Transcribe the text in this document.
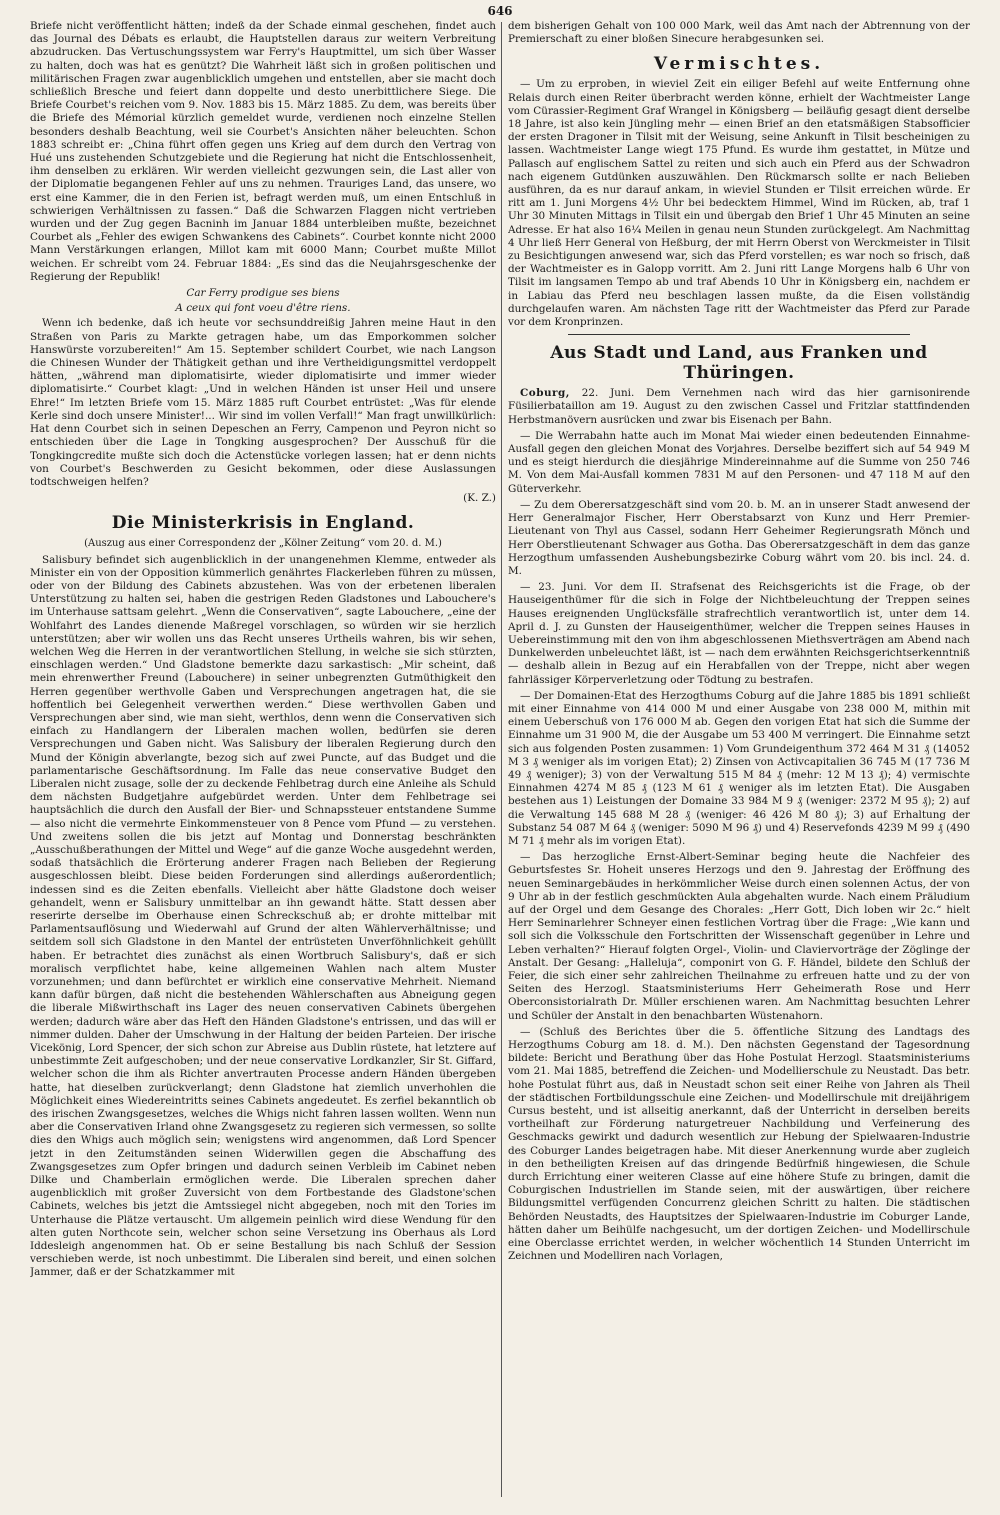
646

Briefe nicht veröffentlicht hätten; indeß da der Schade einmal geschehen, findet auch das Journal des Débats es erlaubt, die Hauptstellen daraus zur weitern Verbreitung abzudrucken. Das Vertuschungssystem war Ferry's Hauptmittel, um sich über Wasser zu halten, doch was hat es genützt? Die Wahrheit läßt sich in großen politischen und militärischen Fragen zwar augenblicklich umgehen und entstellen, aber sie macht doch schließlich Bresche und feiert dann doppelte und desto unerbittlichere Siege. Die Briefe Courbet's reichen vom 9. Nov. 1883 bis 15. März 1885. Zu dem, was bereits über die Briefe des Mémorial kürzlich gemeldet wurde, verdienen noch einzelne Stellen besonders deshalb Beachtung, weil sie Courbet's Ansichten näher beleuchten. Schon 1883 schreibt er: „China führt offen gegen uns Krieg auf dem durch den Vertrag von Hué uns zustehenden Schutzgebiete und die Regierung hat nicht die Entschlossenheit, ihm denselben zu erklären. Wir werden vielleicht gezwungen sein, die Last aller von der Diplomatie begangenen Fehler auf uns zu nehmen. Trauriges Land, das unsere, wo erst eine Kammer, die in den Ferien ist, befragt werden muß, um einen Entschluß in schwierigen Verhältnissen zu fassen.“ Daß die Schwarzen Flaggen nicht vertrieben wurden und der Zug gegen Bacninh im Januar 1884 unterbleiben mußte, bezeichnet Courbet als „Fehler des ewigen Schwankens des Cabinets“. Courbet konnte nicht 2000 Mann Verstärkungen erlangen, Millot kam mit 6000 Mann; Courbet mußte Millot weichen. Er schreibt vom 24. Februar 1884: „Es sind das die Neujahrsgeschenke der Regierung der Republik!

Car Ferry prodigue ses biens

A ceux qui font voeu d'être riens.

Wenn ich bedenke, daß ich heute vor sechsunddreißig Jahren meine Haut in den Straßen von Paris zu Markte getragen habe, um das Emporkommen solcher Hanswürste vorzubereiten!“ Am 15. September schildert Courbet, wie nach Langson die Chinesen Wunder der Thätigkeit gethan und ihre Vertheidigungsmittel verdoppelt hätten, „während man diplomatisirte, wieder diplomatisirte und immer wieder diplomatisirte.“ Courbet klagt: „Und in welchen Händen ist unser Heil und unsere Ehre!“ Im letzten Briefe vom 15. März 1885 ruft Courbet entrüstet: „Was für elende Kerle sind doch unsere Minister!... Wir sind im vollen Verfall!“ Man fragt unwillkürlich: Hat denn Courbet sich in seinen Depeschen an Ferry, Campenon und Peyron nicht so entschieden über die Lage in Tongking ausgesprochen? Der Ausschuß für die Tongkingcredite mußte sich doch die Actenstücke vorlegen lassen; hat er denn nichts von Courbet's Beschwerden zu Gesicht bekommen, oder diese Auslassungen todtschweigen helfen?

(K. Z.)

Die Ministerkrisis in England.

(Auszug aus einer Correspondenz der „Kölner Zeitung“ vom 20. d. M.)

Salisbury befindet sich augenblicklich in der unangenehmen Klemme, entweder als Minister ein von der Opposition kümmerlich genährtes Flackerleben führen zu müssen, oder von der Bildung des Cabinets abzustehen. Was von der erbetenen liberalen Unterstützung zu halten sei, haben die gestrigen Reden Gladstones und Labouchere's im Unterhause sattsam gelehrt. „Wenn die Conservativen“, sagte Labouchere, „eine der Wohlfahrt des Landes dienende Maßregel vorschlagen, so würden wir sie herzlich unterstützen; aber wir wollen uns das Recht unseres Urtheils wahren, bis wir sehen, welchen Weg die Herren in der verantwortlichen Stellung, in welche sie sich stürzten, einschlagen werden.“ Und Gladstone bemerkte dazu sarkastisch: „Mir scheint, daß mein ehrenwerther Freund (Labouchere) in seiner unbegrenzten Gutmüthigkeit den Herren gegenüber werthvolle Gaben und Versprechungen angetragen hat, die sie hoffentlich bei Gelegenheit verwerthen werden.“ Diese werthvollen Gaben und Versprechungen aber sind, wie man sieht, werthlos, denn wenn die Conservativen sich einfach zu Handlangern der Liberalen machen wollen, bedürfen sie deren Versprechungen und Gaben nicht. Was Salisbury der liberalen Regierung durch den Mund der Königin abverlangte, bezog sich auf zwei Puncte, auf das Budget und die parlamentarische Geschäftsordnung. Im Falle das neue conservative Budget den Liberalen nicht zusage, solle der zu deckende Fehlbetrag durch eine Anleihe als Schuld dem nächsten Budgetjahre aufgebürdet werden. Unter dem Fehlbetrage sei hauptsächlich die durch den Ausfall der Bier- und Schnapssteuer entstandene Summe — also nicht die vermehrte Einkommensteuer von 8 Pence vom Pfund — zu verstehen. Und zweitens sollen die bis jetzt auf Montag und Donnerstag beschränkten „Ausschußberathungen der Mittel und Wege“ auf die ganze Woche ausgedehnt werden, sodaß thatsächlich die Erörterung anderer Fragen nach Belieben der Regierung ausgeschlossen bleibt. Diese beiden Forderungen sind allerdings außerordentlich; indessen sind es die Zeiten ebenfalls. Vielleicht aber hätte Gladstone doch weiser gehandelt, wenn er Salisbury unmittelbar an ihn gewandt hätte. Statt dessen aber reserirte derselbe im Oberhause einen Schreckschuß ab; er drohte mittelbar mit Parlamentsauflösung und Wiederwahl auf Grund der alten Wählerverhältnisse; und seitdem soll sich Gladstone in den Mantel der entrüsteten Unverföhnlichkeit gehüllt haben. Er betrachtet dies zunächst als einen Wortbruch Salisbury's, daß er sich moralisch verpflichtet habe, keine allgemeinen Wahlen nach altem Muster vorzunehmen; und dann befürchtet er wirklich eine conservative Mehrheit. Niemand kann dafür bürgen, daß nicht die bestehenden Wählerschaften aus Abneigung gegen die liberale Mißwirthschaft ins Lager des neuen conservativen Cabinets übergehen werden; dadurch wäre aber das Heft den Händen Gladstone's entrissen, und das will er nimmer dulden. Daher der Umschwung in der Haltung der beiden Parteien. Der irische Vicekönig, Lord Spencer, der sich schon zur Abreise aus Dublin rüstete, hat letztere auf unbestimmte Zeit aufgeschoben; und der neue conservative Lordkanzler, Sir St. Giffard, welcher schon die ihm als Richter anvertrauten Processe andern Händen übergeben hatte, hat dieselben zurückverlangt; denn Gladstone hat ziemlich unverhohlen die Möglichkeit eines Wiedereintritts seines Cabinets angedeutet. Es zerfiel bekanntlich ob des irischen Zwangsgesetzes, welches die Whigs nicht fahren lassen wollten. Wenn nun aber die Conservativen Irland ohne Zwangsgesetz zu regieren sich vermessen, so sollte dies den Whigs auch möglich sein; wenigstens wird angenommen, daß Lord Spencer jetzt in den Zeitumständen seinen Widerwillen gegen die Abschaffung des Zwangsgesetzes zum Opfer bringen und dadurch seinen Verbleib im Cabinet neben Dilke und Chamberlain ermöglichen werde. Die Liberalen sprechen daher augenblicklich mit großer Zuversicht von dem Fortbestande des Gladstone'schen Cabinets, welches bis jetzt die Amtssiegel nicht abgegeben, noch mit den Tories im Unterhause die Plätze vertauscht. Um allgemein peinlich wird diese Wendung für den alten guten Northcote sein, welcher schon seine Versetzung ins Oberhaus als Lord Iddesleigh angenommen hat. Ob er seine Bestallung bis nach Schluß der Session verschieben werde, ist noch unbestimmt. Die Liberalen sind bereit, und einen solchen Jammer, daß er der Schatzkammer mit

dem bisherigen Gehalt von 100 000 Mark, weil das Amt nach der Abtrennung von der Premierschaft zu einer bloßen Sinecure herabgesunken sei.

Vermischtes.

— Um zu erproben, in wieviel Zeit ein eiliger Befehl auf weite Entfernung ohne Relais durch einen Reiter überbracht werden könne, erhielt der Wachtmeister Lange vom Cürassier-Regiment Graf Wrangel in Königsberg — beiläufig gesagt dient derselbe 18 Jahre, ist also kein Jüngling mehr — einen Brief an den etatsmäßigen Stabsofficier der ersten Dragoner in Tilsit mit der Weisung, seine Ankunft in Tilsit bescheinigen zu lassen. Wachtmeister Lange wiegt 175 Pfund. Es wurde ihm gestattet, in Mütze und Pallasch auf englischem Sattel zu reiten und sich auch ein Pferd aus der Schwadron nach eigenem Gutdünken auszuwählen. Den Rückmarsch sollte er nach Belieben ausführen, da es nur darauf ankam, in wieviel Stunden er Tilsit erreichen würde. Er ritt am 1. Juni Morgens 4½ Uhr bei bedecktem Himmel, Wind im Rücken, ab, traf 1 Uhr 30 Minuten Mittags in Tilsit ein und übergab den Brief 1 Uhr 45 Minuten an seine Adresse. Er hat also 16¼ Meilen in genau neun Stunden zurückgelegt. Am Nachmittag 4 Uhr ließ Herr General von Heßburg, der mit Herrn Oberst von Werckmeister in Tilsit zu Besichtigungen anwesend war, sich das Pferd vorstellen; es war noch so frisch, daß der Wachtmeister es in Galopp vorritt. Am 2. Juni ritt Lange Morgens halb 6 Uhr von Tilsit im langsamen Tempo ab und traf Abends 10 Uhr in Königsberg ein, nachdem er in Labiau das Pferd neu beschlagen lassen mußte, da die Eisen vollständig durchgelaufen waren. Am nächsten Tage ritt der Wachtmeister das Pferd zur Parade vor dem Kronprinzen.

Aus Stadt und Land, aus Franken und Thüringen.

Coburg, 22. Juni. Dem Vernehmen nach wird das hier garnisonirende Füsilierbataillon am 19. August zu den zwischen Cassel und Fritzlar stattfindenden Herbstmanövern ausrücken und zwar bis Eisenach per Bahn.

— Die Werrabahn hatte auch im Monat Mai wieder einen bedeutenden Einnahme-Ausfall gegen den gleichen Monat des Vorjahres. Derselbe beziffert sich auf 54 949 M und es steigt hierdurch die diesjährige Mindereinnahme auf die Summe von 250 746 M. Von dem Mai-Ausfall kommen 7831 M auf den Personen- und 47 118 M auf den Güterverkehr.

— Zu dem Oberersatzgeschäft sind vom 20. b. M. an in unserer Stadt anwesend der Herr Generalmajor Fischer, Herr Oberstabsarzt von Kunz und Herr Premier-Lieutenant von Thyl aus Cassel, sodann Herr Geheimer Regierungsrath Mönch und Herr Oberstlieutenant Schwager aus Gotha. Das Oberersatzgeschäft in dem das ganze Herzogthum umfassenden Aushebungsbezirke Coburg währt vom 20. bis incl. 24. d. M.

— 23. Juni. Vor dem II. Strafsenat des Reichsgerichts ist die Frage, ob der Hauseigenthümer für die sich in Folge der Nichtbeleuchtung der Treppen seines Hauses ereignenden Unglücksfälle strafrechtlich verantwortlich ist, unter dem 14. April d. J. zu Gunsten der Hauseigenthümer, welcher die Treppen seines Hauses in Uebereinstimmung mit den von ihm abgeschlossenen Miethsverträgen am Abend nach Dunkelwerden unbeleuchtet läßt, ist — nach dem erwähnten Reichsgerichtserkenntniß — deshalb allein in Bezug auf ein Herabfallen von der Treppe, nicht aber wegen fahrlässiger Körperverletzung oder Tödtung zu bestrafen.

— Der Domainen-Etat des Herzogthums Coburg auf die Jahre 1885 bis 1891 schließt mit einer Einnahme von 414 000 M und einer Ausgabe von 238 000 M, mithin mit einem Ueberschuß von 176 000 M ab. Gegen den vorigen Etat hat sich die Summe der Einnahme um 31 900 M, die der Ausgabe um 53 400 M verringert. Die Einnahme setzt sich aus folgenden Posten zusammen: 1) Vom Grundeigenthum 372 464 M 31 ₰ (14052 M 3 ₰ weniger als im vorigen Etat); 2) Zinsen von Activcapitalien 36 745 M (17 736 M 49 ₰ weniger); 3) von der Verwaltung 515 M 84 ₰ (mehr: 12 M 13 ₰); 4) vermischte Einnahmen 4274 M 85 ₰ (123 M 61 ₰ weniger als im letzten Etat). Die Ausgaben bestehen aus 1) Leistungen der Domaine 33 984 M 9 ₰ (weniger: 2372 M 95 ₰); 2) auf die Verwaltung 145 688 M 28 ₰ (weniger: 46 426 M 80 ₰); 3) auf Erhaltung der Substanz 54 087 M 64 ₰ (weniger: 5090 M 96 ₰) und 4) Reservefonds 4239 M 99 ₰ (490 M 71 ₰ mehr als im vorigen Etat).

— Das herzogliche Ernst-Albert-Seminar beging heute die Nachfeier des Geburtsfestes Sr. Hoheit unseres Herzogs und den 9. Jahrestag der Eröffnung des neuen Seminargebäudes in herkömmlicher Weise durch einen solennen Actus, der von 9 Uhr ab in der festlich geschmückten Aula abgehalten wurde. Nach einem Präludium auf der Orgel und dem Gesange des Chorales: „Herr Gott, Dich loben wir 2c.“ hielt Herr Seminarlehrer Schneyer einen festlichen Vortrag über die Frage: „Wie kann und soll sich die Volksschule den Fortschritten der Wissenschaft gegenüber in Lehre und Leben verhalten?“ Hierauf folgten Orgel-, Violin- und Claviervorträge der Zöglinge der Anstalt. Der Gesang: „Halleluja“, componirt von G. F. Händel, bildete den Schluß der Feier, die sich einer sehr zahlreichen Theilnahme zu erfreuen hatte und zu der von Seiten des Herzogl. Staatsministeriums Herr Geheimerath Rose und Herr Oberconsistorialrath Dr. Müller erschienen waren. Am Nachmittag besuchten Lehrer und Schüler der Anstalt in den benachbarten Wüstenahorn.

— (Schluß des Berichtes über die 5. öffentliche Sitzung des Landtags des Herzogthums Coburg am 18. d. M.). Den nächsten Gegenstand der Tagesordnung bildete: Bericht und Berathung über das Hohe Postulat Herzogl. Staatsministeriums vom 21. Mai 1885, betreffend die Zeichen- und Modellierschule zu Neustadt. Das betr. hohe Postulat führt aus, daß in Neustadt schon seit einer Reihe von Jahren als Theil der städtischen Fortbildungsschule eine Zeichen- und Modellirschule mit dreijährigem Cursus besteht, und ist allseitig anerkannt, daß der Unterricht in derselben bereits vortheilhaft zur Förderung naturgetreuer Nachbildung und Verfeinerung des Geschmacks gewirkt und dadurch wesentlich zur Hebung der Spielwaaren-Industrie des Coburger Landes beigetragen habe. Mit dieser Anerkennung wurde aber zugleich in den betheiligten Kreisen auf das dringende Bedürfniß hingewiesen, die Schule durch Errichtung einer weiteren Classe auf eine höhere Stufe zu bringen, damit die Coburgischen Industriellen im Stande seien, mit der auswärtigen, über reichere Bildungsmittel verfügenden Concurrenz gleichen Schritt zu halten. Die städtischen Behörden Neustadts, des Hauptsitzes der Spielwaaren-Industrie im Coburger Lande, hätten daher um Beihülfe nachgesucht, um der dortigen Zeichen- und Modellirschule eine Oberclasse errichtet werden, in welcher wöchentlich 14 Stunden Unterricht im Zeichnen und Modelliren nach Vorlagen,
